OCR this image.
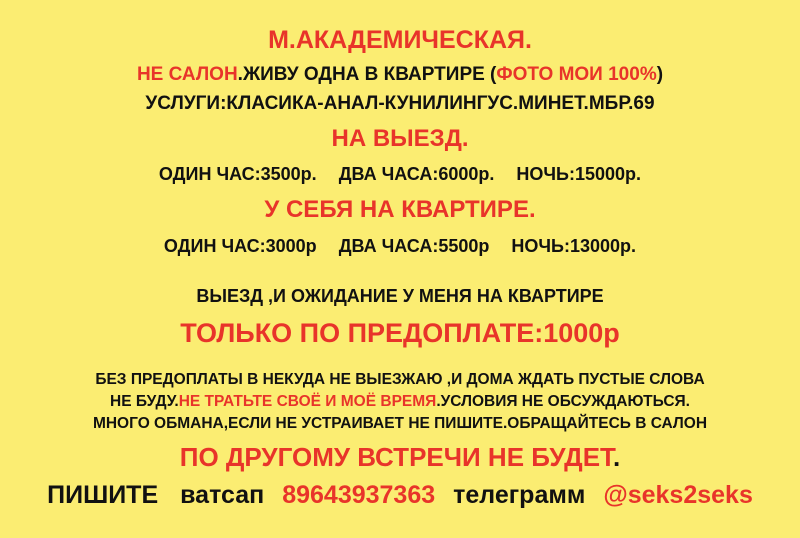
М.АКАДЕМИЧЕСКАЯ.
НЕ САЛОН.ЖИВУ ОДНА В КВАРТИРЕ (ФОТО МОИ 100%)
УСЛУГИ:КЛАСИКА-АНАЛ-КУНИЛИНГУС.МИНЕТ.МБР.69
НА ВЫЕЗД.
ОДИН ЧАС:3500р. ДВА ЧАСА:6000р. НОЧЬ:15000р.
У СЕБЯ НА КВАРТИРЕ.
ОДИН ЧАС:3000р ДВА ЧАСА:5500р НОЧЬ:13000р.
ВЫЕЗД ,И ОЖИДАНИЕ У МЕНЯ НА КВАРТИРЕ
ТОЛЬКО ПО ПРЕДОПЛАТЕ:1000р
БЕЗ ПРЕДОПЛАТЫ В НЕКУДА НЕ ВЫЕЗЖАЮ ,И ДОМА ЖДАТЬ ПУСТЫЕ СЛОВА
НЕ БУДУ.НЕ ТРАТЬТЕ СВОЁ И МОЁ ВРЕМЯ.УСЛОВИЯ НЕ ОБСУЖДАЮТЬСЯ.
МНОГО ОБМАНА,ЕСЛИ НЕ УСТРАИВАЕТ НЕ ПИШИТЕ.ОБРАЩАЙТЕСЬ В САЛОН
ПО ДРУГОМУ ВСТРЕЧИ НЕ БУДЕТ.
ПИШИТЕ ватсап 89643937363 телеграмм @seks2seks
